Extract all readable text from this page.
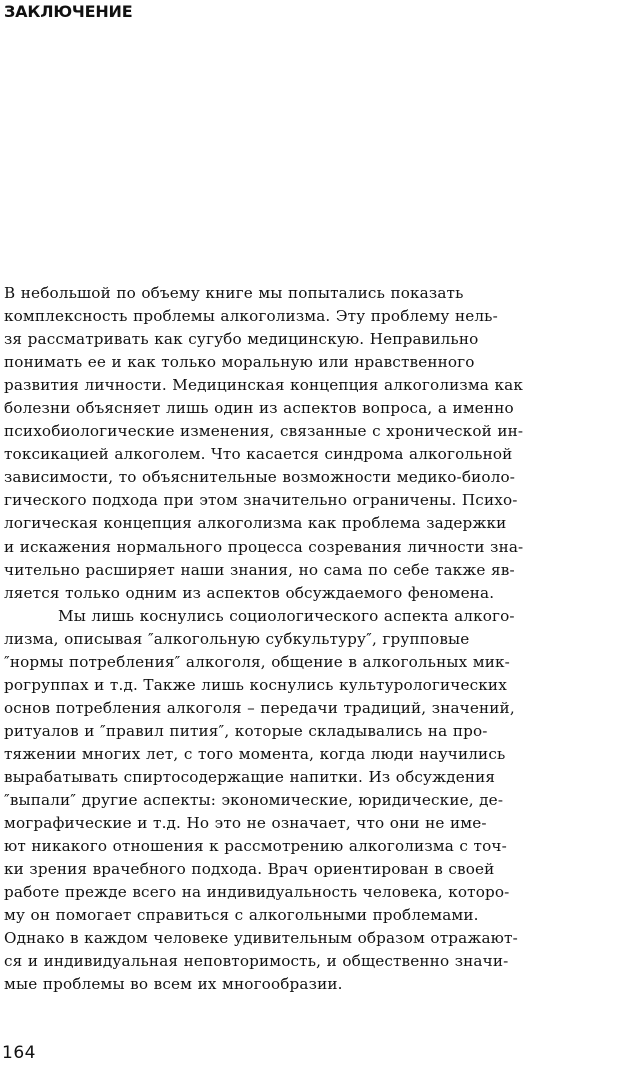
ЗАКЛЮЧЕНИЕ
В небольшой по объему книге мы попытались показать
комплексность проблемы алкоголизма. Эту проблему нель-
зя рассматривать как сугубо медицинскую. Неправильно
понимать ее и как только моральную или нравственного
развития личности. Медицинская концепция алкоголизма как
болезни объясняет лишь один из аспектов вопроса, а именно
психобиологические изменения, связанные с хронической ин-
токсикацией алкоголем. Что касается синдрома алкогольной
зависимости, то объяснительные возможности медико-биоло-
гического подхода при этом значительно ограничены. Психо-
логическая концепция алкоголизма как проблема задержки
и искажения нормального процесса созревания личности зна-
чительно расширяет наши знания, но сама по себе также яв-
ляется только одним из аспектов обсуждаемого феномена.
Мы лишь коснулись социологического аспекта алкого-
лизма, описывая ″алкогольную субкультуру″, групповые
″нормы потребления″ алкоголя, общение в алкогольных мик-
рогруппах и т.д. Также лишь коснулись культурологических
основ потребления алкоголя – передачи традиций, значений,
ритуалов и ″правил пития″, которые складывались на про-
тяжении многих лет, с того момента, когда люди научились
вырабатывать спиртосодержащие напитки. Из обсуждения
″выпали″ другие аспекты: экономические, юридические, де-
мографические и т.д. Но это не означает, что они не име-
ют никакого отношения к рассмотрению алкоголизма с точ-
ки зрения врачебного подхода. Врач ориентирован в своей
работе прежде всего на индивидуальность человека, которо-
му он помогает справиться с алкогольными проблемами.
Однако в каждом человеке удивительным образом отражают-
ся и индивидуальная неповторимость, и общественно значи-
мые проблемы во всем их многообразии.
164
